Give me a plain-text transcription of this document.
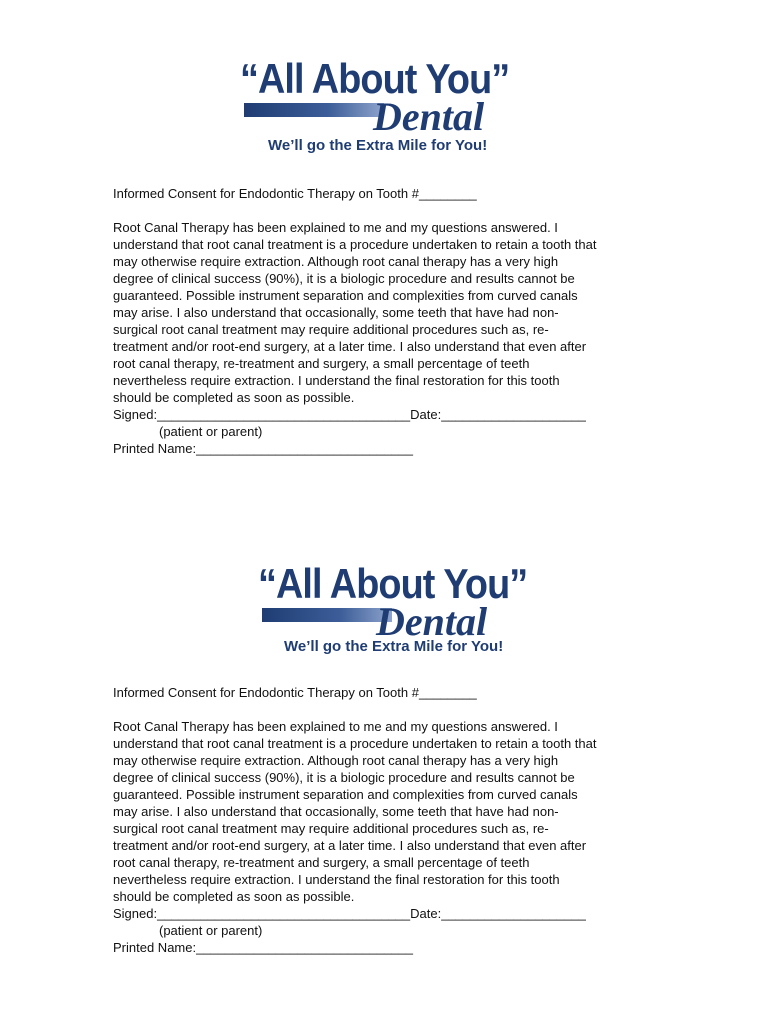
“All About You”
Dental
We’ll go the Extra Mile for You!

Informed Consent for Endodontic Therapy on Tooth #________

Root Canal Therapy has been explained to me and my questions answered. I

understand that root canal treatment is a procedure undertaken to retain a tooth that

may otherwise require extraction. Although root canal therapy has a very high

degree of clinical success (90%), it is a biologic procedure and results cannot be

guaranteed. Possible instrument separation and complexities from curved canals

may arise. I also understand that occasionally, some teeth that have had non-

surgical root canal treatment may require additional procedures such as, re-

treatment and/or root-end surgery, at a later time. I also understand that even after

root canal therapy, re-treatment and surgery, a small percentage of teeth

nevertheless require extraction. I understand the final restoration for this tooth

should be completed as soon as possible.

Signed:___________________________________Date:____________________

(patient or parent)

Printed Name:______________________________

“All About You”
Dental
We’ll go the Extra Mile for You!

Informed Consent for Endodontic Therapy on Tooth #________

Root Canal Therapy has been explained to me and my questions answered. I

understand that root canal treatment is a procedure undertaken to retain a tooth that

may otherwise require extraction. Although root canal therapy has a very high

degree of clinical success (90%), it is a biologic procedure and results cannot be

guaranteed. Possible instrument separation and complexities from curved canals

may arise. I also understand that occasionally, some teeth that have had non-

surgical root canal treatment may require additional procedures such as, re-

treatment and/or root-end surgery, at a later time. I also understand that even after

root canal therapy, re-treatment and surgery, a small percentage of teeth

nevertheless require extraction. I understand the final restoration for this tooth

should be completed as soon as possible.

Signed:___________________________________Date:____________________

(patient or parent)

Printed Name:______________________________
